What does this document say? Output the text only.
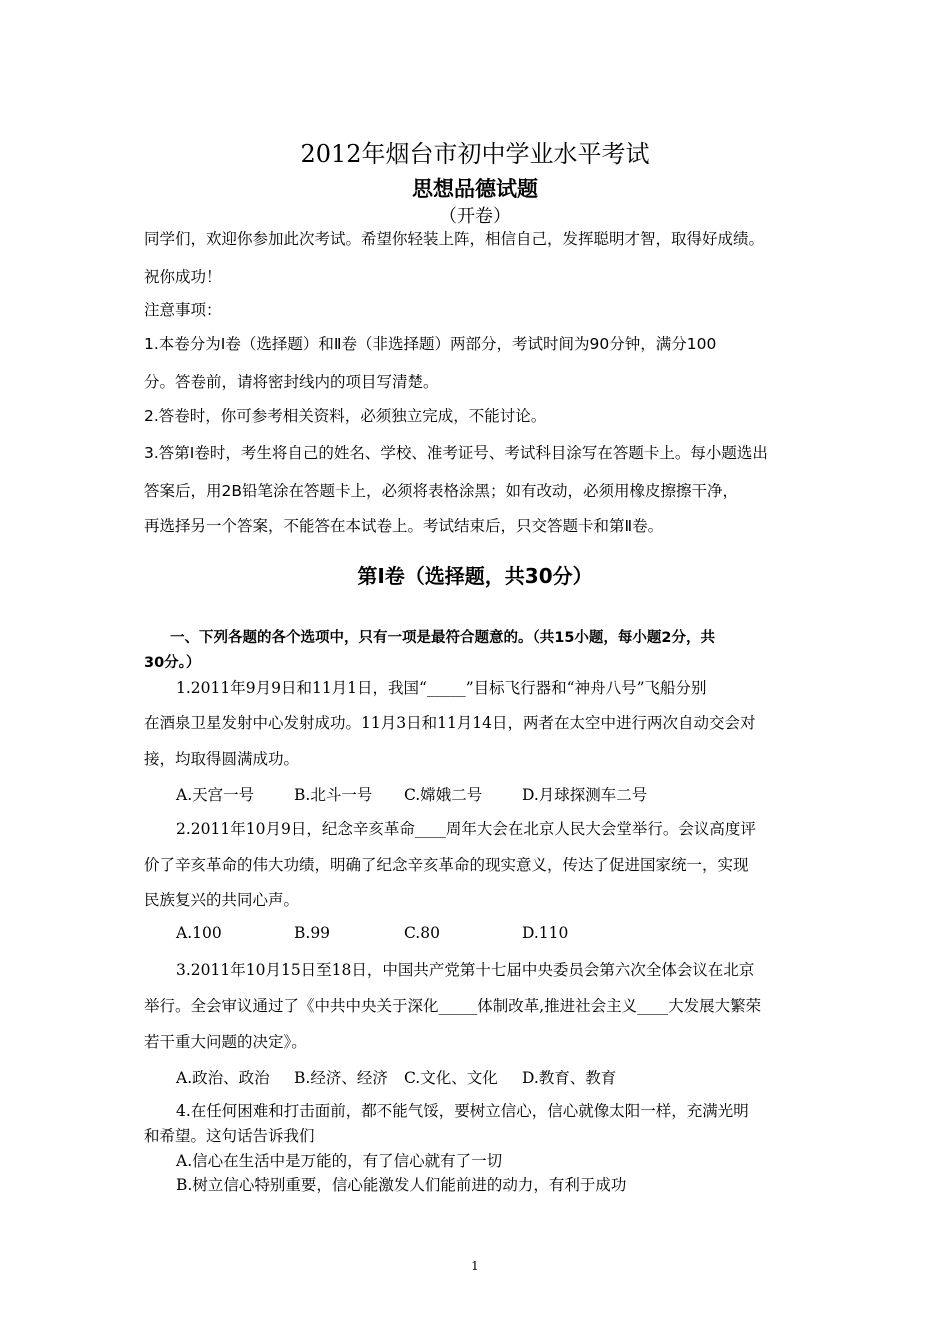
2012年烟台市初中学业水平考试
思想品德试题
（开卷）
同学们，欢迎你参加此次考试。希望你轻装上阵，相信自己，发挥聪明才智，取得好成绩。
祝你成功！
注意事项：
1.本卷分为Ⅰ卷（选择题）和Ⅱ卷（非选择题）两部分，考试时间为90分钟，满分100
分。答卷前，请将密封线内的项目写清楚。
2.答卷时，你可参考相关资料，必须独立完成，不能讨论。
3.答第Ⅰ卷时，考生将自己的姓名、学校、准考证号、考试科目涂写在答题卡上。每小题选出
答案后，用2B铅笔涂在答题卡上，必须将表格涂黑；如有改动，必须用橡皮擦擦干净，
再选择另一个答案，不能答在本试卷上。考试结束后，只交答题卡和第Ⅱ卷。
第Ⅰ卷（选择题，共30分）
一、下列各题的各个选项中，只有一项是最符合题意的。（共15小题，每小题2分，共
30分。）
1.2011年9月9日和11月1日，我国“_____”目标飞行器和“神舟八号”飞船分别
在酒泉卫星发射中心发射成功。11月3日和11月14日，两者在太空中进行两次自动交会对
接，均取得圆满成功。
A.天宫一号	B.北斗一号 C.嫦娥二号	D.月球探测车二号
2.2011年10月9日，纪念辛亥革命____周年大会在北京人民大会堂举行。会议高度评
价了辛亥革命的伟大功绩，明确了纪念辛亥革命的现实意义，传达了促进国家统一，实现
民族复兴的共同心声。
A.100	B.99	C.80	D.110
3.2011年10月15日至18日，中国共产党第十七届中央委员会第六次全体会议在北京
举行。全会审议通过了《中共中央关于深化_____体制改革,推进社会主义____大发展大繁荣
若干重大问题的决定》。
A.政治、政治 B.经济、经济 C.文化、文化 D.教育、教育
4.在任何困难和打击面前，都不能气馁，要树立信心，信心就像太阳一样，充满光明
和希望。这句话告诉我们
A.信心在生活中是万能的，有了信心就有了一切
B.树立信心特别重要，信心能激发人们能前进的动力，有利于成功
1
